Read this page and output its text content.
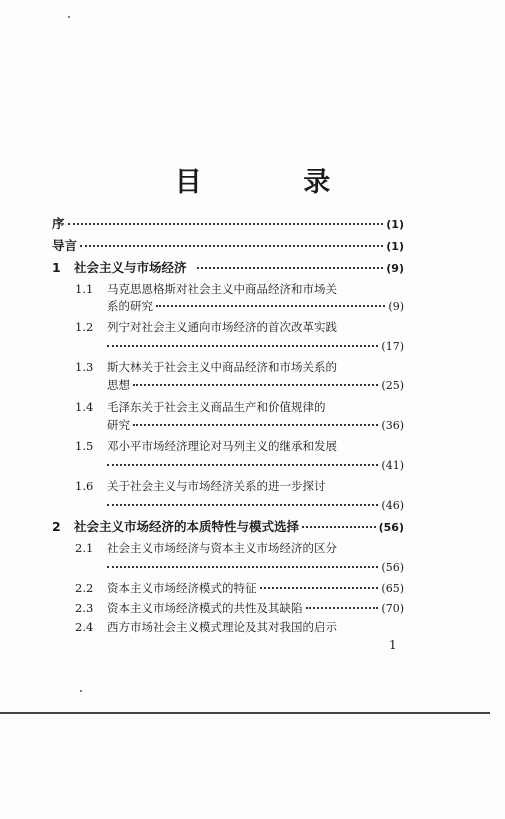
目 录
序	(1)
导言	(1)
1	社会主义与市场经济	(9)
1.1	马克思恩格斯对社会主义中商品经济和市场关
系的研究	(9)
1.2	列宁对社会主义通向市场经济的首次改革实践
(17)
1.3	斯大林关于社会主义中商品经济和市场关系的
思想	(25)
1.4	毛泽东关于社会主义商品生产和价值规律的
研究	(36)
1.5	邓小平市场经济理论对马列主义的继承和发展
(41)
1.6	关于社会主义与市场经济关系的进一步探讨
(46)
2	社会主义市场经济的本质特性与模式选择	(56)
2.1	社会主义市场经济与资本主义市场经济的区分
(56)
2.2	资本主义市场经济模式的特征	(65)
2.3	资本主义市场经济模式的共性及其缺陷	(70)
2.4	西方市场社会主义模式理论及其对我国的启示
1
